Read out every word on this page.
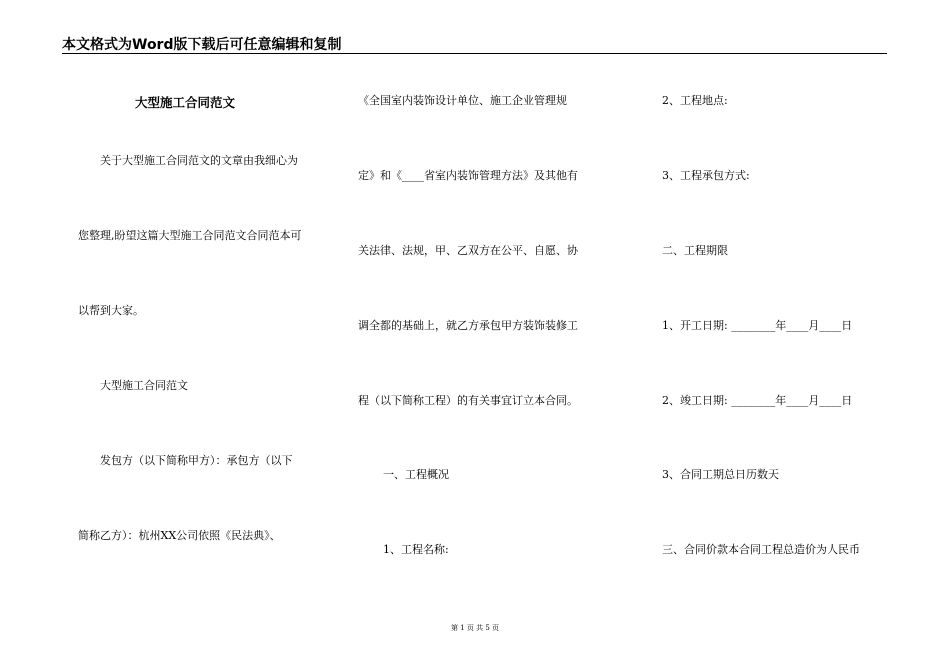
本文格式为Word版下载后可任意编辑和复制
大型施工合同范文
关于大型施工合同范文的文章由我细心为
您整理,盼望这篇大型施工合同范文合同范本可
以帮到大家。
大型施工合同范文
发包方（以下简称甲方）：承包方（以下
简称乙方）：杭州XX公司依照《民法典》、
《全国室内装饰设计单位、施工企业管理规
定》和《____省室内装饰管理方法》及其他有
关法律、法规，甲、乙双方在公平、自愿、协
调全都的基础上，就乙方承包甲方装饰装修工
程（以下简称工程）的有关事宜订立本合同。
一、工程概况
1、工程名称:
2、工程地点:
3、工程承包方式:
二、工程期限
1、开工日期: ________年____月____日
2、竣工日期: ________年____月____日
3、合同工期总日历数天
三、合同价款本合同工程总造价为人民币
第 1 页 共 5 页
